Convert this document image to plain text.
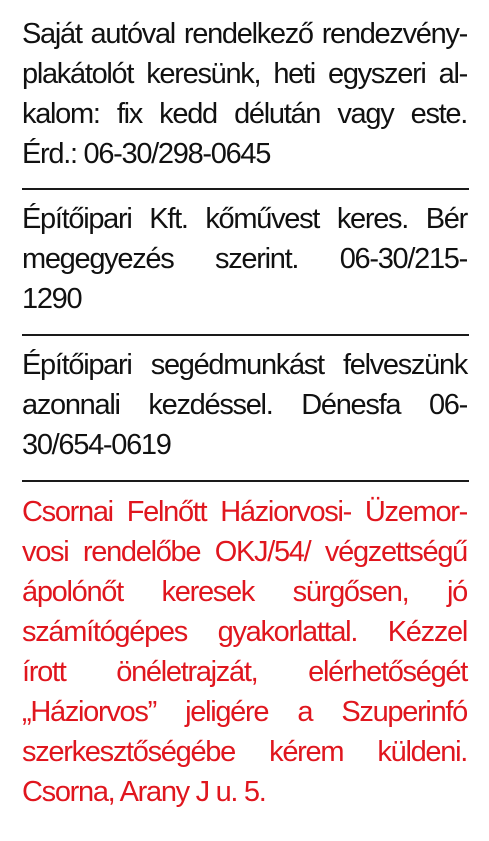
Saját autóval rendelkező rendezvény-
plakátolót keresünk, heti egyszeri al-
kalom: fix kedd délután vagy este.
Érd.: 06-30/298-0645
Építőipari Kft. kőművest keres. Bér
megegyezés szerint. 06-30/215-
1290
Építőipari segédmunkást felveszünk
azonnali kezdéssel. Dénesfa 06-
30/654-0619
Csornai Felnőtt Háziorvosi- Üzemor-
vosi rendelőbe OKJ/54/ végzettségű
ápolónőt keresek sürgősen, jó
számítógépes gyakorlattal. Kézzel
írott önéletrajzát, elérhetőségét
„Háziorvos” jeligére a Szuperinfó
szerkesztőségébe kérem küldeni.
Csorna, Arany J u. 5.
